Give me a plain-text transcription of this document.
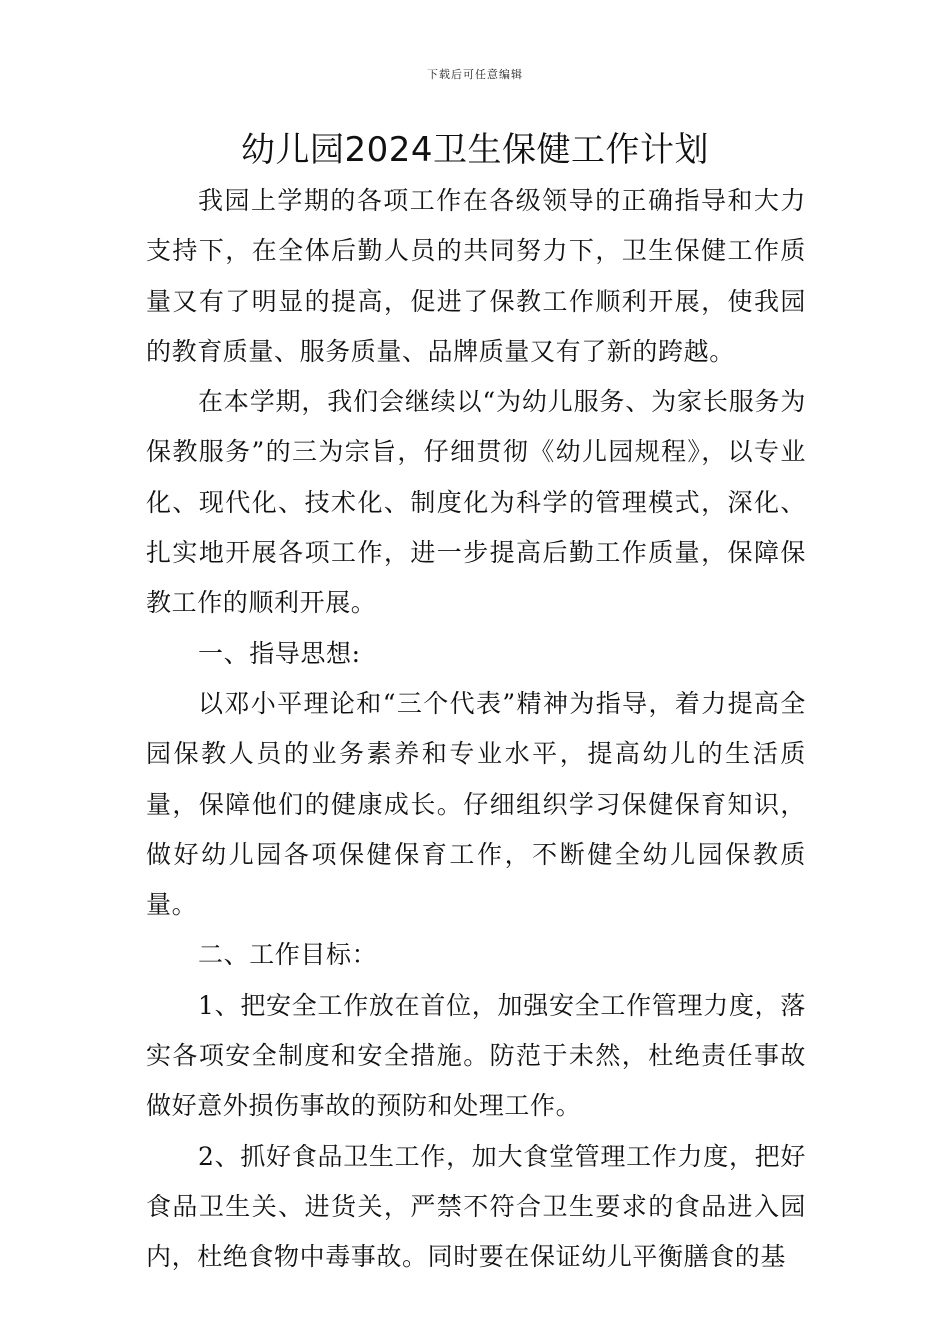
下载后可任意编辑
幼儿园2024卫生保健工作计划

我园上学期的各项工作在各级领导的正确指导和大力支持下，在全体后勤人员的共同努力下，卫生保健工作质量又有了明显的提高，促进了保教工作顺利开展，使我园的教育质量、服务质量、品牌质量又有了新的跨越。

在本学期，我们会继续以“为幼儿服务、为家长服务为保教服务”的三为宗旨，仔细贯彻《幼儿园规程》，以专业化、现代化、技术化、制度化为科学的管理模式，深化、扎实地开展各项工作，进一步提高后勤工作质量，保障保教工作的顺利开展。

一、指导思想:

以邓小平理论和“三个代表”精神为指导，着力提高全园保教人员的业务素养和专业水平，提高幼儿的生活质量，保障他们的健康成长。仔细组织学习保健保育知识，做好幼儿园各项保健保育工作，不断健全幼儿园保教质量。

二、工作目标：

1、把安全工作放在首位，加强安全工作管理力度，落实各项安全制度和安全措施。防范于未然，杜绝责任事故做好意外损伤事故的预防和处理工作。

2、抓好食品卫生工作，加大食堂管理工作力度，把好食品卫生关、进货关，严禁不符合卫生要求的食品进入园内，杜绝食物中毒事故。同时要在保证幼儿平衡膳食的基
